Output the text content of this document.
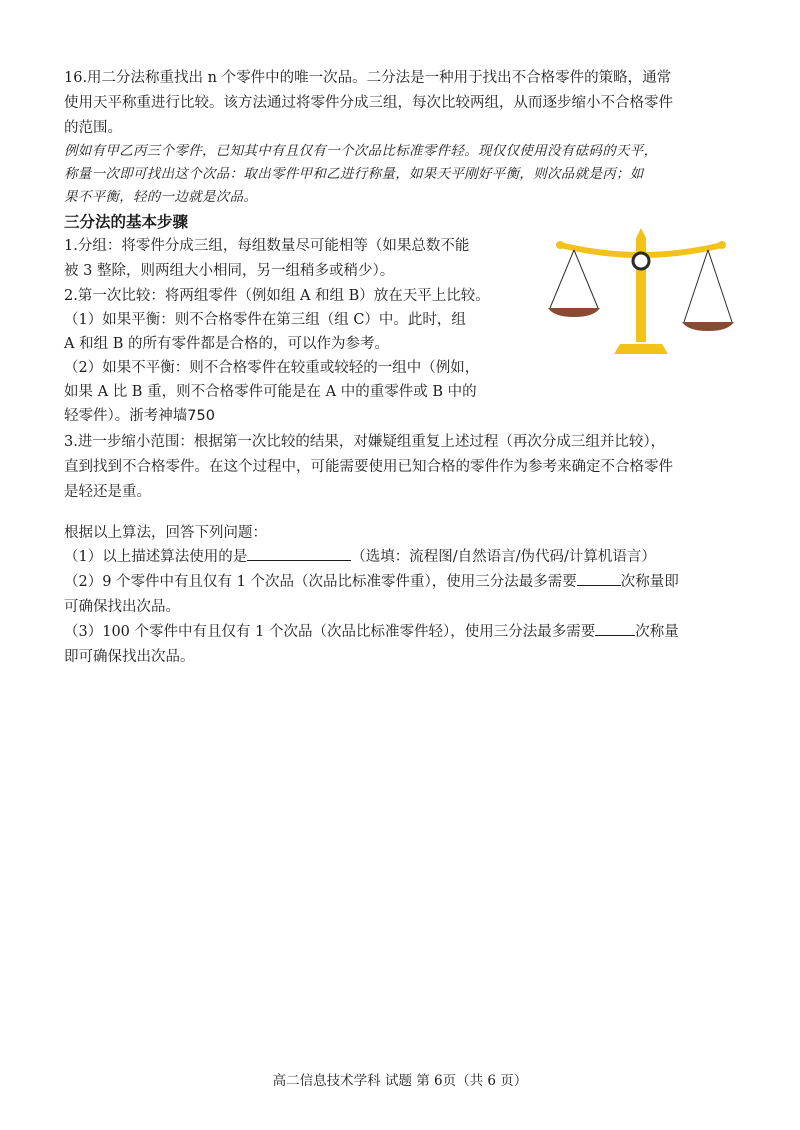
16.用二分法称重找出 n 个零件中的唯一次品。二分法是一种用于找出不合格零件的策略，通常

使用天平称重进行比较。该方法通过将零件分成三组，每次比较两组，从而逐步缩小不合格零件

的范围。

例如有甲乙丙三个零件，已知其中有且仅有一个次品比标准零件轻。现仅仅使用没有砝码的天平，

称量一次即可找出这个次品：取出零件甲和乙进行称量，如果天平刚好平衡，则次品就是丙；如

果不平衡，轻的一边就是次品。

三分法的基本步骤

1.分组：将零件分成三组，每组数量尽可能相等（如果总数不能

被 3 整除，则两组大小相同，另一组稍多或稍少）。

2.第一次比较：将两组零件（例如组 A 和组 B）放在天平上比较。

（1）如果平衡：则不合格零件在第三组（组 C）中。此时，组

A 和组 B 的所有零件都是合格的，可以作为参考。

（2）如果不平衡：则不合格零件在较重或较轻的一组中（例如，

如果 A 比 B 重，则不合格零件可能是在 A 中的重零件或 B 中的

轻零件）。浙考神墙750

3.进一步缩小范围：根据第一次比较的结果，对嫌疑组重复上述过程（再次分成三组并比较），

直到找到不合格零件。在这个过程中，可能需要使用已知合格的零件作为参考来确定不合格零件

是轻还是重。

根据以上算法，回答下列问题：

（1）以上描述算法使用的是	（选填：流程图/自然语言/伪代码/计算机语言）

（2）9 个零件中有且仅有 1 个次品（次品比标准零件重），使用三分法最多需要	次称量即

可确保找出次品。

（3）100 个零件中有且仅有 1 个次品（次品比标准零件轻），使用三分法最多需要	次称量

即可确保找出次品。

高二信息技术学科 试题 第 6页（共 6 页）
